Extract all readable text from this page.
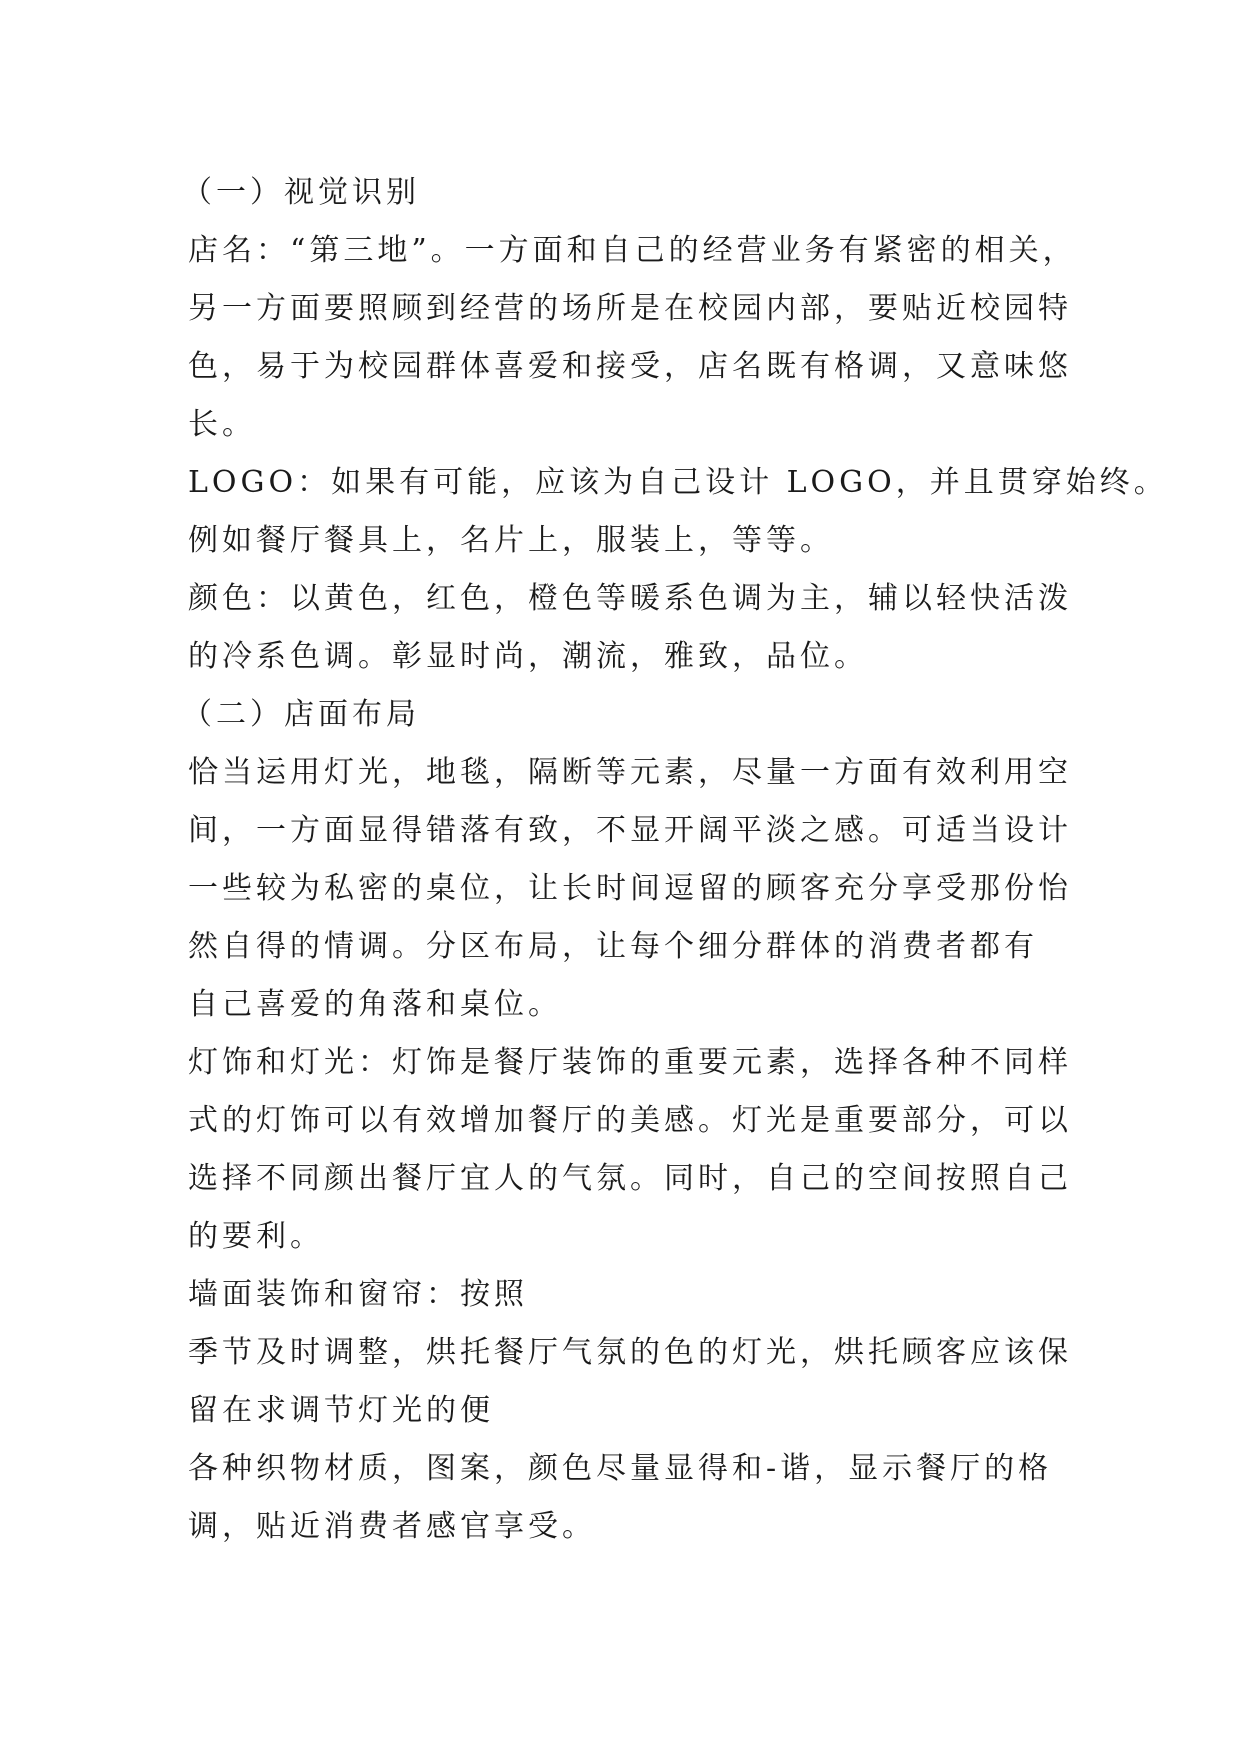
（一）视觉识别
店名：“第三地”。一方面和自己的经营业务有紧密的相关，
另一方面要照顾到经营的场所是在校园内部，要贴近校园特
色，易于为校园群体喜爱和接受，店名既有格调，又意味悠
长。
LOGO：如果有可能，应该为自己设计 LOGO，并且贯穿始终。
例如餐厅餐具上，名片上，服装上，等等。
颜色：以黄色，红色，橙色等暖系色调为主，辅以轻快活泼
的冷系色调。彰显时尚，潮流，雅致，品位。
（二）店面布局
恰当运用灯光，地毯，隔断等元素，尽量一方面有效利用空
间，一方面显得错落有致，不显开阔平淡之感。可适当设计
一些较为私密的桌位，让长时间逗留的顾客充分享受那份怡
然自得的情调。分区布局，让每个细分群体的消费者都有
自己喜爱的角落和桌位。
灯饰和灯光：灯饰是餐厅装饰的重要元素，选择各种不同样
式的灯饰可以有效增加餐厅的美感。灯光是重要部分，可以
选择不同颜出餐厅宜人的气氛。同时，自己的空间按照自己
的要利。
墙面装饰和窗帘：按照
季节及时调整，烘托餐厅气氛的色的灯光，烘托顾客应该保
留在求调节灯光的便
各种织物材质，图案，颜色尽量显得和-谐，显示餐厅的格
调，贴近消费者感官享受。
